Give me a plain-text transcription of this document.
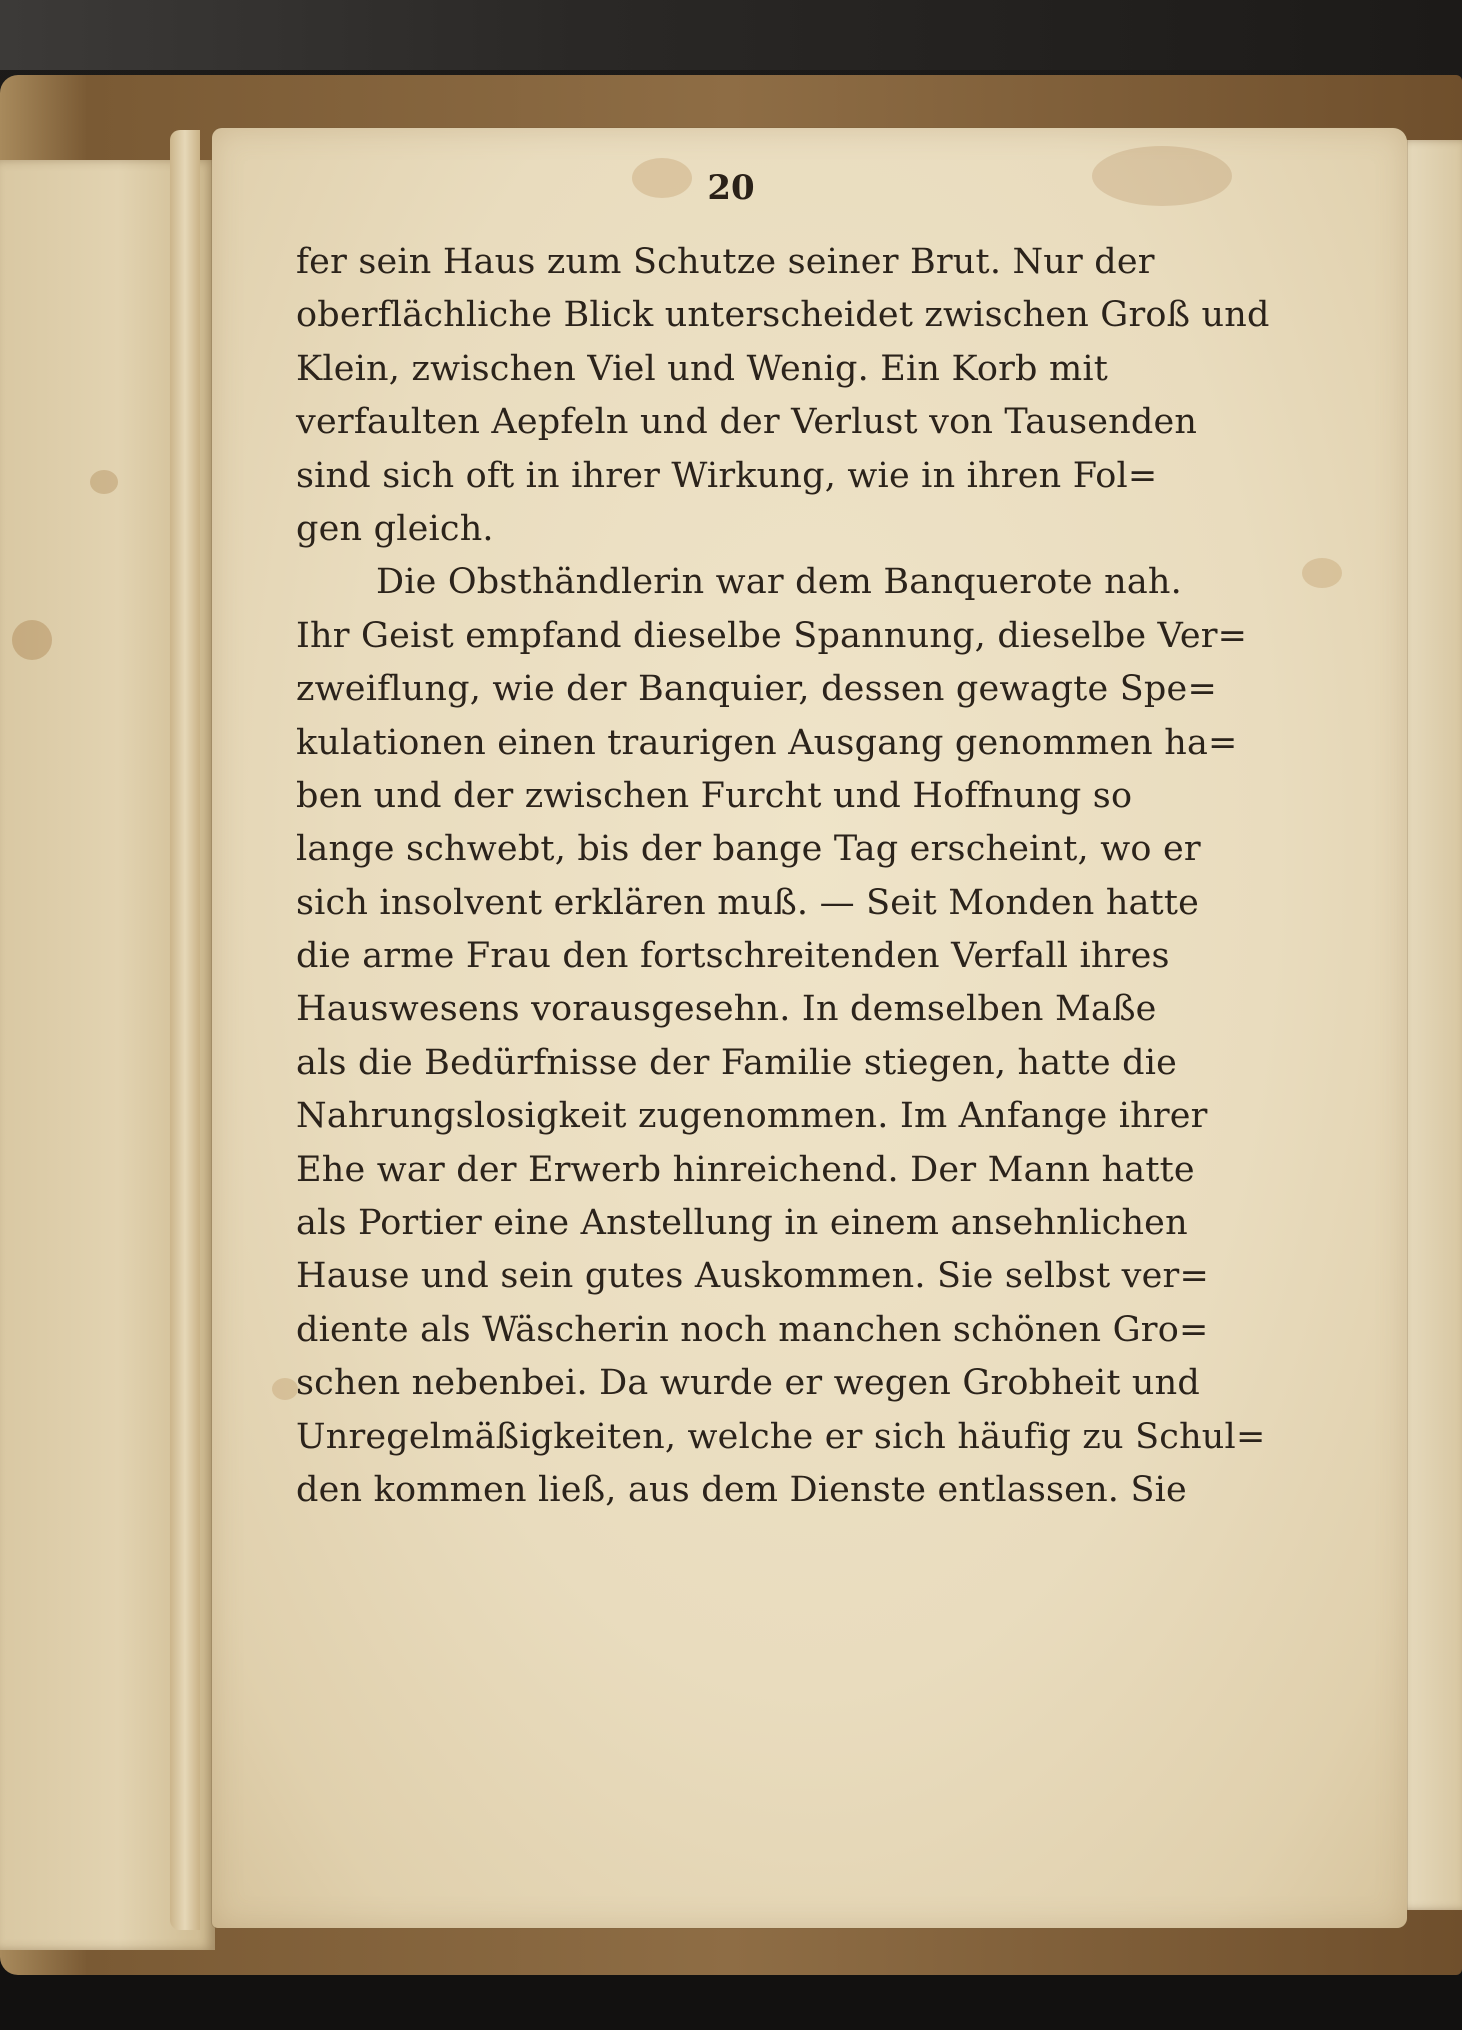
20
fer sein Haus zum Schutze seiner Brut. Nur der
oberflächliche Blick unterscheidet zwischen Groß und
Klein, zwischen Viel und Wenig. Ein Korb mit
verfaulten Aepfeln und der Verlust von Tausenden
sind sich oft in ihrer Wirkung, wie in ihren Fol=
gen gleich.
Die Obsthändlerin war dem Banquerote nah.
Ihr Geist empfand dieselbe Spannung, dieselbe Ver=
zweiflung, wie der Banquier, dessen gewagte Spe=
kulationen einen traurigen Ausgang genommen ha=
ben und der zwischen Furcht und Hoffnung so
lange schwebt, bis der bange Tag erscheint, wo er
sich insolvent erklären muß. — Seit Monden hatte
die arme Frau den fortschreitenden Verfall ihres
Hauswesens vorausgesehn. In demselben Maße
als die Bedürfnisse der Familie stiegen, hatte die
Nahrungslosigkeit zugenommen. Im Anfange ihrer
Ehe war der Erwerb hinreichend. Der Mann hatte
als Portier eine Anstellung in einem ansehnlichen
Hause und sein gutes Auskommen. Sie selbst ver=
diente als Wäscherin noch manchen schönen Gro=
schen nebenbei. Da wurde er wegen Grobheit und
Unregelmäßigkeiten, welche er sich häufig zu Schul=
den kommen ließ, aus dem Dienste entlassen. Sie
